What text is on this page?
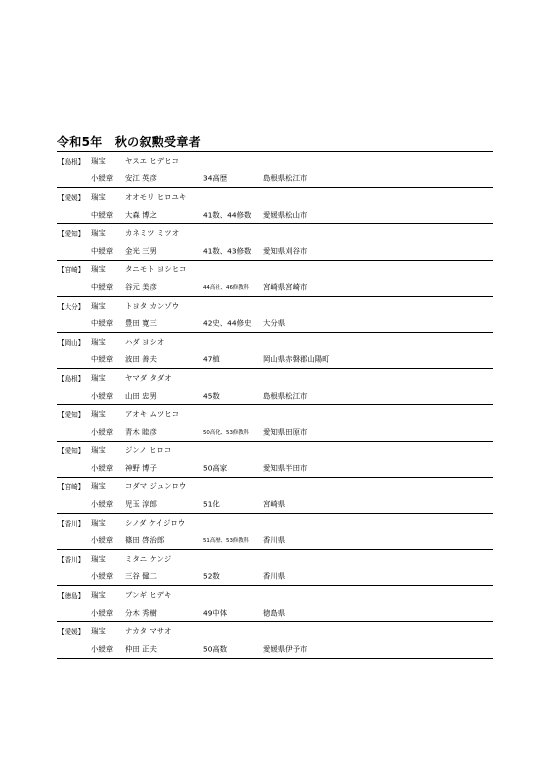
令和5年　秋の叙勲受章者
【島根】 瑞宝	ヤスエ ヒデヒコ
小綬章 安江 英彦	34高歴	島根県松江市
【愛媛】 瑞宝	オオモリ ヒロユキ
中綬章 大森 博之	41数、44修数 愛媛県松山市
【愛知】 瑞宝	カネミツ ミツオ
中綬章 金光 三男	41数、43修数 愛知県刈谷市
【宮崎】 瑞宝	タニモト ヨシヒコ
中綬章 谷元 美彦	44高社、46修教科 宮崎県宮崎市
【大分】 瑞宝	トヨタ カンゾウ
中綬章 豊田 寛三	42史、44修史 大分県
【岡山】 瑞宝	ハダ ヨシオ
中綬章 波田 善夫	47植	岡山県赤磐郡山陽町
【島根】 瑞宝	ヤマダ タダオ
小綬章 山田 忠男	45数	島根県松江市
【愛知】 瑞宝	アオキ ムツヒコ
小綬章 青木 睦彦	50高化、53修教科 愛知県田原市
【愛知】 瑞宝	ジンノ ヒロコ
小綬章 神野 博子	50高家	愛知県半田市
【宮崎】 瑞宝	コダマ ジュンロウ
小綬章 児玉 淳郎	51化	宮崎県
【香川】 瑞宝	シノダ ケイジロウ
小綬章 篠田 啓治郎	51高歴、53修教科 香川県
【香川】 瑞宝	ミタニ ケンジ
小綬章 三谷 健二	52数	香川県
【徳島】 瑞宝	ブンギ ヒデキ
小綬章 分木 秀樹	49中体	徳島県
【愛媛】 瑞宝	ナカタ マサオ
小綬章 仲田 正夫	50高数	愛媛県伊予市
